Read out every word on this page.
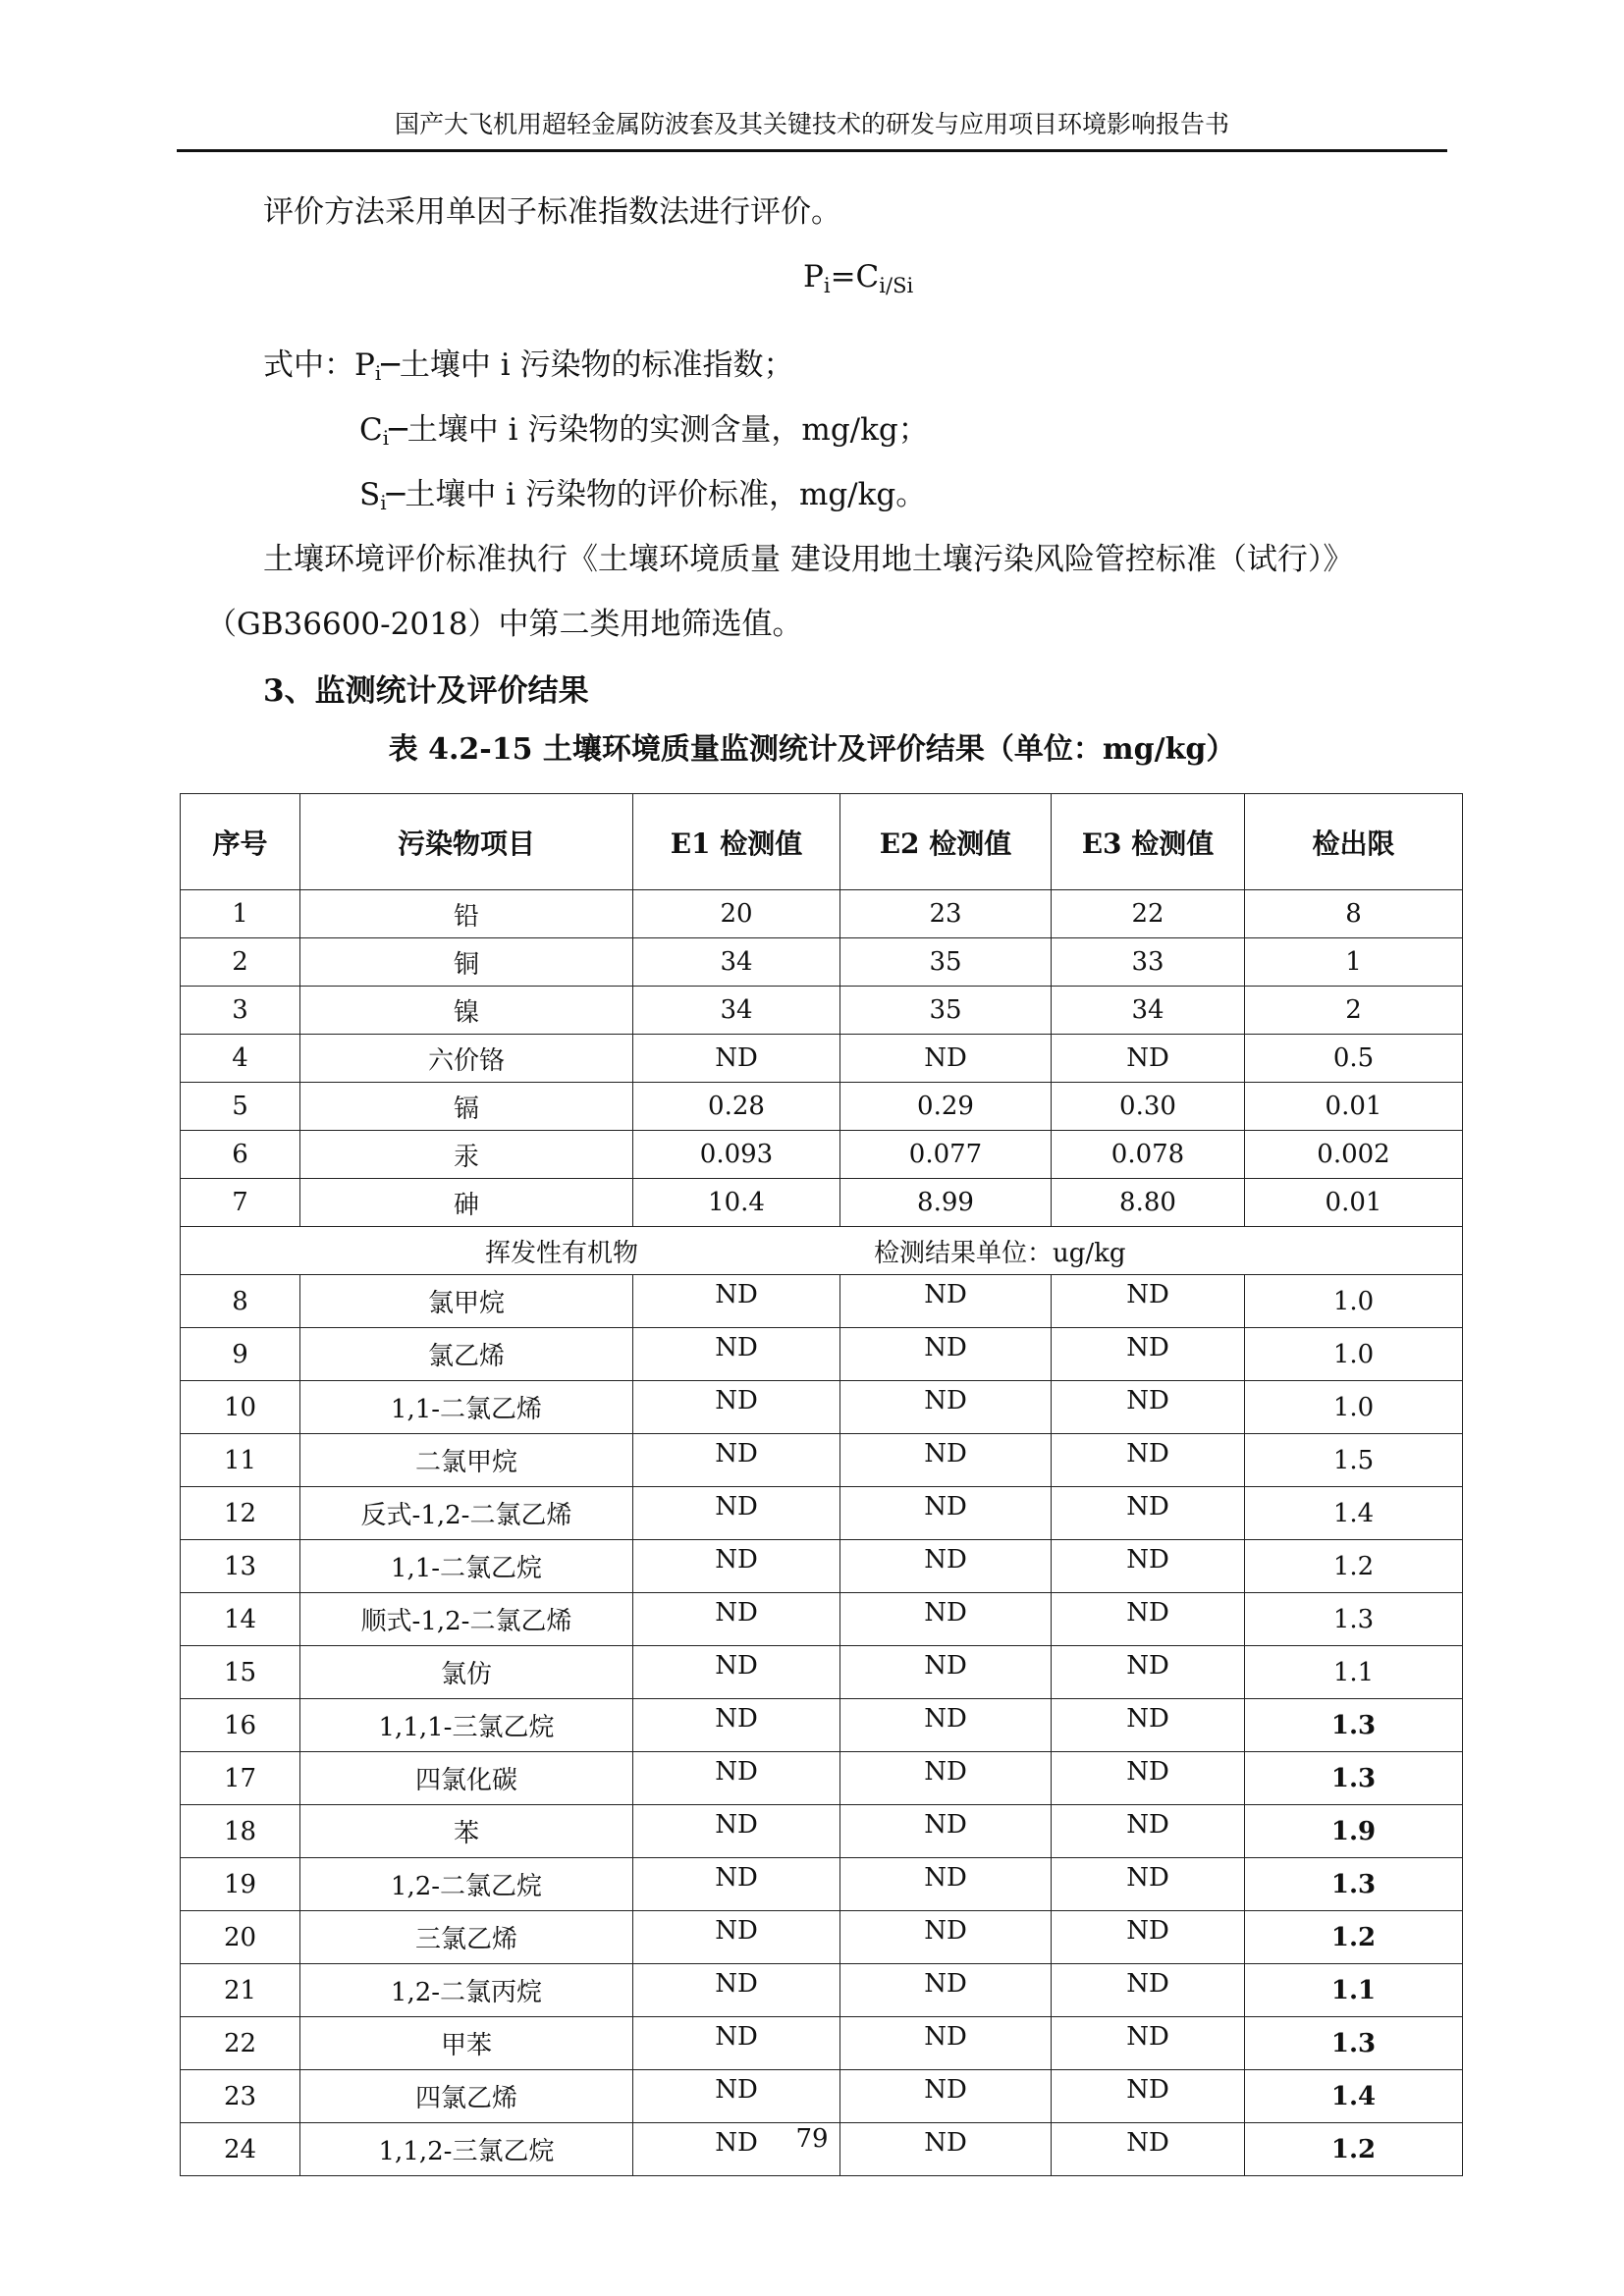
国产大飞机用超轻金属防波套及其关键技术的研发与应用项目环境影响报告书
评价方法采用单因子标准指数法进行评价。
$P_i=C_{i/Si}$
式中：$P_i─$土壤中 i 污染物的标准指数；
$C_i─$土壤中 i 污染物的实测含量，mg/kg；
$S_i─$土壤中 i 污染物的评价标准，mg/kg。
土壤环境评价标准执行《土壤环境质量 建设用地土壤污染风险管控标准（试行）》
（GB36600-2018）中第二类用地筛选值。
3、监测统计及评价结果
表 4.2-15 土壤环境质量监测统计及评价结果（单位：mg/kg）
序号	污染物项目	E1 检测值	E2 检测值	E3 检测值	检出限
1	铅	20	23	22	8
2	铜	34	35	33	1
3	镍	34	35	34	2
4	六价铬	ND	ND	ND	0.5
5	镉	0.28	0.29	0.30	0.01
6	汞	0.093	0.077	0.078	0.002
7	砷	10.4	8.99	8.80	0.01
挥发性有机物 检测结果单位：ug/kg					
8	氯甲烷	ND	ND	ND	1.0
9	氯乙烯	ND	ND	ND	1.0
10	1,1-二氯乙烯	ND	ND	ND	1.0
11	二氯甲烷	ND	ND	ND	1.5
12	反式-1,2-二氯乙烯	ND	ND	ND	1.4
13	1,1-二氯乙烷	ND	ND	ND	1.2
14	顺式-1,2-二氯乙烯	ND	ND	ND	1.3
15	氯仿	ND	ND	ND	1.1
16	1,1,1-三氯乙烷	ND	ND	ND	1.3
17	四氯化碳	ND	ND	ND	1.3
18	苯	ND	ND	ND	1.9
19	1,2-二氯乙烷	ND	ND	ND	1.3
20	三氯乙烯	ND	ND	ND	1.2
21	1,2-二氯丙烷	ND	ND	ND	1.1
22	甲苯	ND	ND	ND	1.3
23	四氯乙烯	ND	ND	ND	1.4
24	1,1,2-三氯乙烷	ND	ND	ND	1.2
79
